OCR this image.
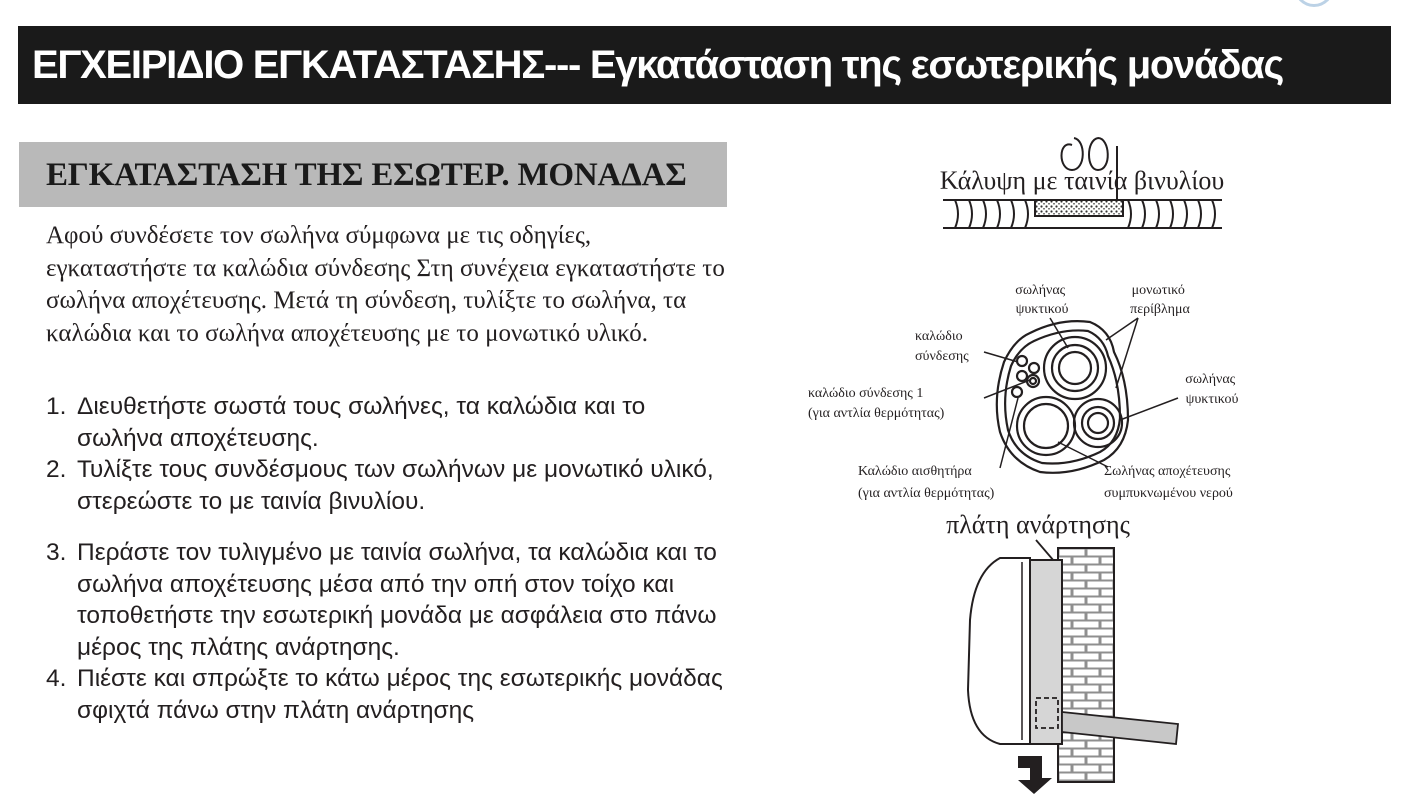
ΕΓΧΕΙΡΙΔΙΟ ΕΓΚΑΤΑΣΤΑΣΗΣ--- Εγκατάσταση της εσωτερικής μονάδας
ΕΓΚΑΤΑΣΤΑΣΗ ΤΗΣ ΕΣΩΤΕΡ. ΜΟΝΑΔΑΣ

Αφού συνδέσετε τον σωλήνα σύμφωνα με τις οδηγίες, εγκαταστήστε τα καλώδια σύνδεσης Στη συνέχεια εγκαταστήστε το σωλήνα αποχέτευσης. Μετά τη σύνδεση, τυλίξτε το σωλήνα, τα καλώδια και το σωλήνα αποχέτευσης με το μονωτικό υλικό.

1. Διευθετήστε σωστά τους σωλήνες, τα καλώδια και το σωλήνα αποχέτευσης.
2. Τυλίξτε τους συνδέσμους των σωλήνων με μονωτικό υλικό, στερεώστε το με ταινία βινυλίου.
3. Περάστε τον τυλιγμένο με ταινία σωλήνα, τα καλώδια και το σωλήνα αποχέτευσης μέσα από την οπή στον τοίχο και τοποθετήστε την εσωτερική μονάδα με ασφάλεια στο πάνω μέρος της πλάτης ανάρτησης.
4. Πιέστε και σπρώξτε το κάτω μέρος της εσωτερικής μονάδας σφιχτά πάνω στην πλάτη ανάρτησης
Κάλυψη με ταινία βινυλίου
σωλήνας ψυκτικού
μονωτικό περίβλημα
καλώδιο σύνδεσης
καλώδιο σύνδεσης 1 (για αντλία θερμότητας)
σωλήνας ψυκτικού
Καλώδιο αισθητήρα (για αντλία θερμότητας)
Σωλήνας αποχέτευσης συμπυκνωμένου νερού
πλάτη ανάρτησης
